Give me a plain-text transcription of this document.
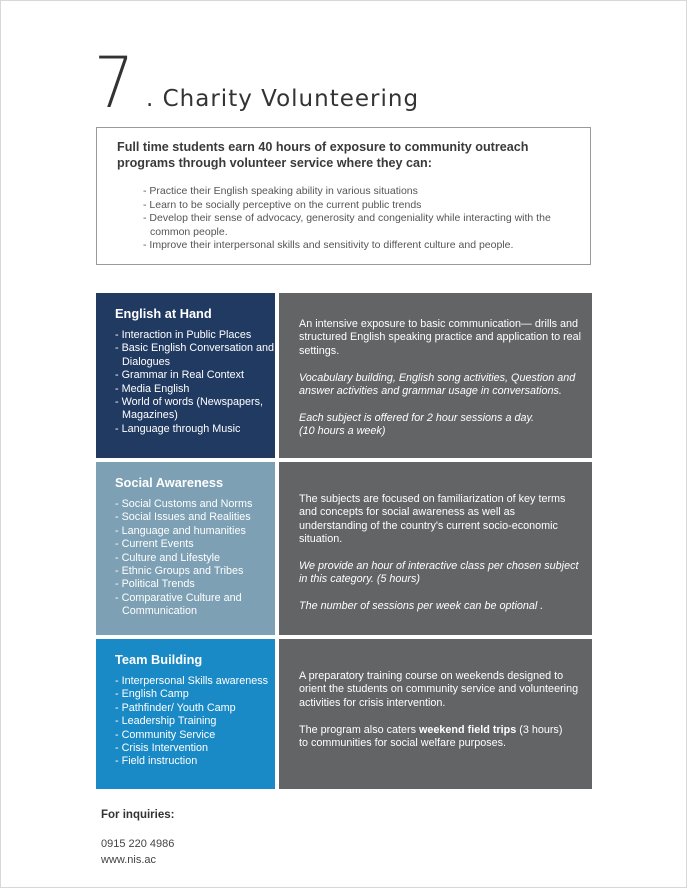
7 . Charity Volunteering
Full time students earn 40 hours of exposure to community outreach programs through volunteer service where they can:
- Practice their English speaking ability in various situations
- Learn to be socially perceptive on the current public trends
- Develop their sense of advocacy, generosity and congeniality while interacting with the common people.
- Improve their interpersonal skills and sensitivity to different culture and people.
English at Hand
- Interaction in Public Places
- Basic English Conversation and Dialogues
- Grammar in Real Context
- Media English
- World of words (Newspapers, Magazines)
- Language through Music

An intensive exposure to basic communication— drills and structured English speaking practice and application to real settings.

Vocabulary building, English song activities, Question and answer activities and grammar usage in conversations.

Each subject is offered for 2 hour sessions a day.

(10 hours a week)

Social Awareness
- Social Customs and Norms
- Social Issues and Realities
- Language and humanities
- Current Events
- Culture and Lifestyle
- Ethnic Groups and Tribes
- Political Trends
- Comparative Culture and Communication

The subjects are focused on familiarization of key terms and concepts for social awareness as well as understanding of the country's current socio-economic situation.

We provide an hour of interactive class per chosen subject

in this category. (5 hours)

The number of sessions per week can be optional .

Team Building
- Interpersonal Skills awareness
- English Camp
- Pathfinder/ Youth Camp
- Leadership Training
- Community Service
- Crisis Intervention
- Field instruction

A preparatory training course on weekends designed to orient the students on community service and volunteering activities for crisis intervention.

The program also caters weekend field trips (3 hours)

to communities for social welfare purposes.

For inquiries:
0915 220 4986
www.nis.ac
